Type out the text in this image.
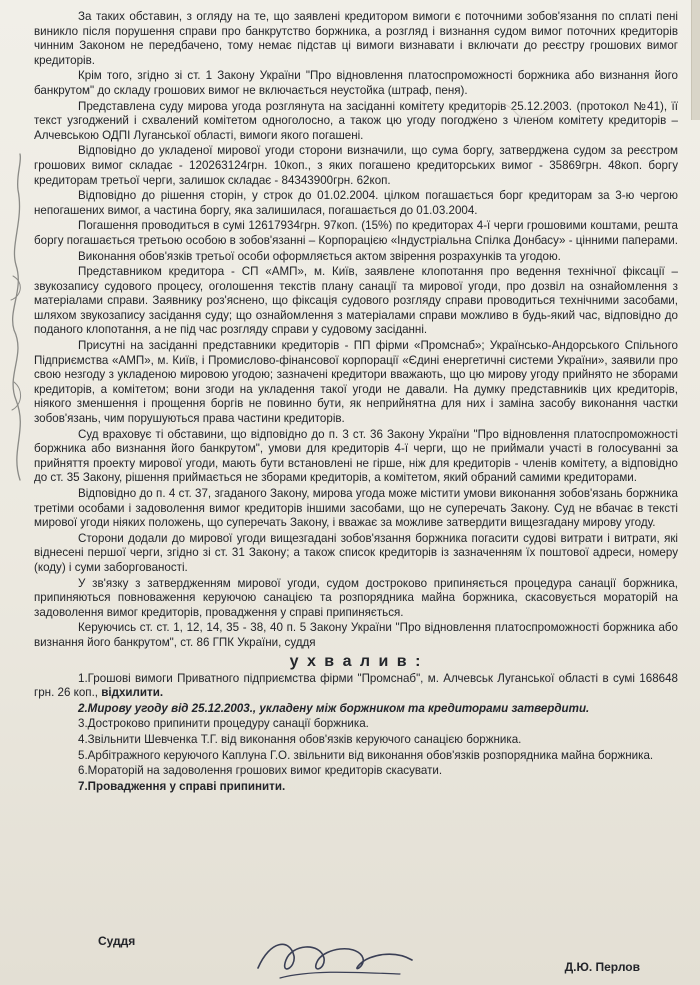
За таких обставин, з огляду на те, що заявлені кредитором вимоги є поточними зобов'язання по сплаті пені виникло після порушення справи про банкрутство боржника, а розгляд і визнання судом вимог поточних кредиторів чинним Законом не передбачено, тому немає підстав ці вимоги визнавати і включати до реєстру грошових вимог кредиторів.

Крім того, згідно зі ст. 1 Закону України "Про відновлення платоспроможності боржника або визнання його банкрутом" до складу грошових вимог не включається неустойка (штраф, пеня).

Представлена суду мирова угода розглянута на засіданні комітету кредиторів 25.12.2003. (протокол №41), її текст узгоджений і схвалений комітетом одноголосно, а також цю угоду погоджено з членом комітету кредиторів – Алчевською ОДПІ Луганської області, вимоги якого погашені.

Відповідно до укладеної мирової угоди сторони визначили, що сума боргу, затверджена судом за реєстром грошових вимог складає - 120263124грн. 10коп., з яких погашено кредиторських вимог - 35869грн. 48коп. боргу кредиторам третьої черги, залишок складає - 84343900грн. 62коп.

Відповідно до рішення сторін, у строк до 01.02.2004. цілком погашається борг кредиторам за 3-ю чергою непогашених вимог, а частина боргу, яка залишилася, погашається до 01.03.2004.

Погашення проводиться в сумі 12617934грн. 97коп. (15%) по кредиторах 4-ї черги грошовими коштами, решта боргу погашається третьою особою в зобов'язанні – Корпорацією «Індустріальна Спілка Донбасу» - цінними паперами.

Виконання обов'язків третьої особи оформляється актом звірення розрахунків та угодою.

Представником кредитора - СП «АМП», м. Київ, заявлене клопотання про ведення технічної фіксації – звукозапису судового процесу, оголошення текстів плану санації та мирової угоди, про дозвіл на ознайомлення з матеріалами справи. Заявнику роз'яснено, що фіксація судового розгляду справи проводиться технічними засобами, шляхом звукозапису засідання суду; що ознайомлення з матеріалами справи можливо в будь-який час, відповідно до поданого клопотання, а не під час розгляду справи у судовому засіданні.

Присутні на засіданні представники кредиторів - ПП фірми «Промснаб»; Українсько-Андорського Спільного Підприємства «АМП», м. Київ, і Промислово-фінансової корпорації «Єдині енергетичні системи України», заявили про свою незгоду з укладеною мировою угодою; зазначені кредитори вважають, що цю мирову угоду прийнято не зборами кредиторів, а комітетом; вони згоди на укладення такої угоди не давали. На думку представників цих кредиторів, ніякого зменшення і прощення боргів не повинно бути, як неприйнятна для них і заміна засобу виконання частки зобов'язань, чим порушуються права частини кредиторів.

Суд враховує ті обставини, що відповідно до п. 3 ст. 36 Закону України "Про відновлення платоспроможності боржника або визнання його банкрутом", умови для кредиторів 4-ї черги, що не приймали участі в голосуванні за прийняття проекту мирової угоди, мають бути встановлені не гірше, ніж для кредиторів - членів комітету, а відповідно до ст. 35 Закону, рішення приймається не зборами кредиторів, а комітетом, який обраний самими кредиторами.

Відповідно до п. 4 ст. 37, згаданого Закону, мирова угода може містити умови виконання зобов'язань боржника третіми особами і задоволення вимог кредиторів іншими засобами, що не суперечать Закону. Суд не вбачає в тексті мирової угоди ніяких положень, що суперечать Закону, і вважає за можливе затвердити вищезгадану мирову угоду.

Сторони додали до мирової угоди вищезгадані зобов'язання боржника погасити судові витрати і витрати, які віднесені першої черги, згідно зі ст. 31 Закону; а також список кредиторів із зазначенням їх поштової адреси, номеру (коду) і суми заборгованості.

У зв'язку з затвердженням мирової угоди, судом достроково припиняється процедура санації боржника, припиняються повноваження керуючою санацією та розпорядника майна боржника, скасовується мораторій на задоволення вимог кредиторів, провадження у справі припиняється.

Керуючись ст. ст. 1, 12, 14, 35 - 38, 40 п. 5 Закону України "Про відновлення платоспроможності боржника або визнання його банкрутом", ст. 86 ГПК України, суддя

у х в а л и в :
1.Грошові вимоги Приватного підприємства фірми "Промснаб", м. Алчевськ Луганської області в сумі 168648 грн. 26 коп., відхилити.
2.Мирову угоду від 25.12.2003., укладену між боржником та кредиторами затвердити.
3.Достроково припинити процедуру санації боржника.
4.Звільнити Шевченка Т.Г. від виконання обов'язків керуючого санацією боржника.
5.Арбітражного керуючого Каплуна Г.О. звільнити від виконання обов'язків розпорядника майна боржника.
6.Мораторій на задоволення грошових вимог кредиторів скасувати.
7.Провадження у справі припинити.
Суддя
Д.Ю. Перлов
